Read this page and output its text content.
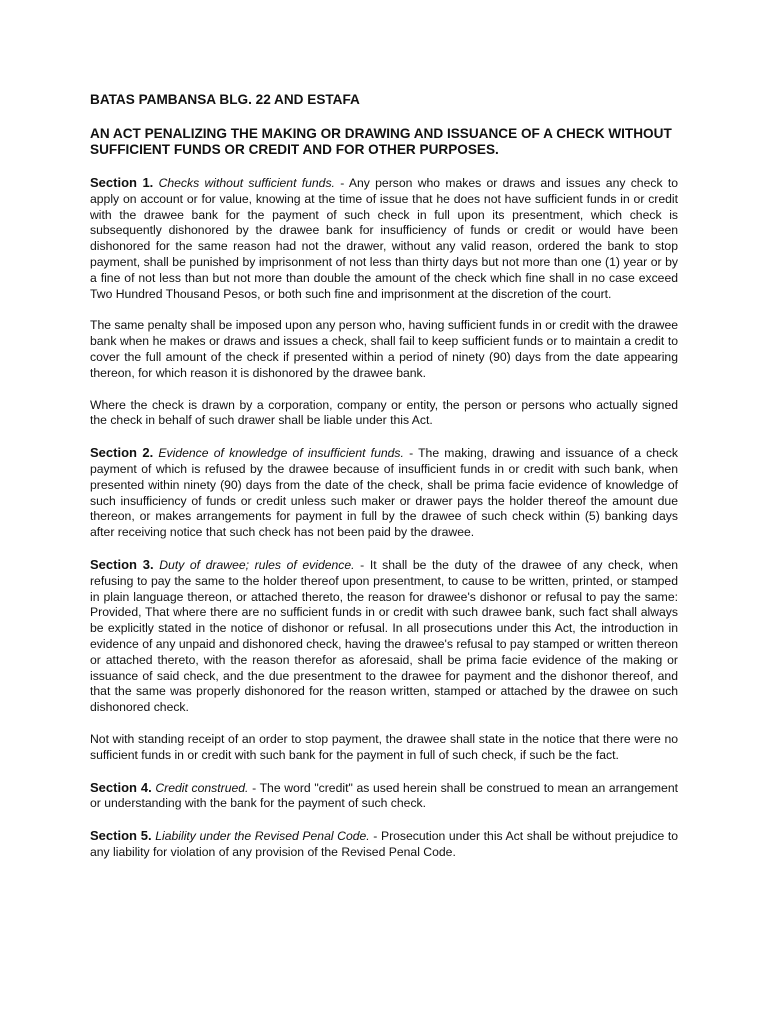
BATAS PAMBANSA BLG. 22 AND ESTAFA
AN ACT PENALIZING THE MAKING OR DRAWING AND ISSUANCE OF A CHECK WITHOUT SUFFICIENT FUNDS OR CREDIT AND FOR OTHER PURPOSES.

Section 1. Checks without sufficient funds. - Any person who makes or draws and issues any check to apply on account or for value, knowing at the time of issue that he does not have sufficient funds in or credit with the drawee bank for the payment of such check in full upon its presentment, which check is subsequently dishonored by the drawee bank for insufficiency of funds or credit or would have been dishonored for the same reason had not the drawer, without any valid reason, ordered the bank to stop payment, shall be punished by imprisonment of not less than thirty days but not more than one (1) year or by a fine of not less than but not more than double the amount of the check which fine shall in no case exceed Two Hundred Thousand Pesos, or both such fine and imprisonment at the discretion of the court.

The same penalty shall be imposed upon any person who, having sufficient funds in or credit with the drawee bank when he makes or draws and issues a check, shall fail to keep sufficient funds or to maintain a credit to cover the full amount of the check if presented within a period of ninety (90) days from the date appearing thereon, for which reason it is dishonored by the drawee bank.

Where the check is drawn by a corporation, company or entity, the person or persons who actually signed the check in behalf of such drawer shall be liable under this Act.

Section 2. Evidence of knowledge of insufficient funds. - The making, drawing and issuance of a check payment of which is refused by the drawee because of insufficient funds in or credit with such bank, when presented within ninety (90) days from the date of the check, shall be prima facie evidence of knowledge of such insufficiency of funds or credit unless such maker or drawer pays the holder thereof the amount due thereon, or makes arrangements for payment in full by the drawee of such check within (5) banking days after receiving notice that such check has not been paid by the drawee.

Section 3. Duty of drawee; rules of evidence. - It shall be the duty of the drawee of any check, when refusing to pay the same to the holder thereof upon presentment, to cause to be written, printed, or stamped in plain language thereon, or attached thereto, the reason for drawee's dishonor or refusal to pay the same: Provided, That where there are no sufficient funds in or credit with such drawee bank, such fact shall always be explicitly stated in the notice of dishonor or refusal. In all prosecutions under this Act, the introduction in evidence of any unpaid and dishonored check, having the drawee's refusal to pay stamped or written thereon or attached thereto, with the reason therefor as aforesaid, shall be prima facie evidence of the making or issuance of said check, and the due presentment to the drawee for payment and the dishonor thereof, and that the same was properly dishonored for the reason written, stamped or attached by the drawee on such dishonored check.

Not with standing receipt of an order to stop payment, the drawee shall state in the notice that there were no sufficient funds in or credit with such bank for the payment in full of such check, if such be the fact.

Section 4. Credit construed. - The word "credit" as used herein shall be construed to mean an arrangement or understanding with the bank for the payment of such check.

Section 5. Liability under the Revised Penal Code. - Prosecution under this Act shall be without prejudice to any liability for violation of any provision of the Revised Penal Code.
